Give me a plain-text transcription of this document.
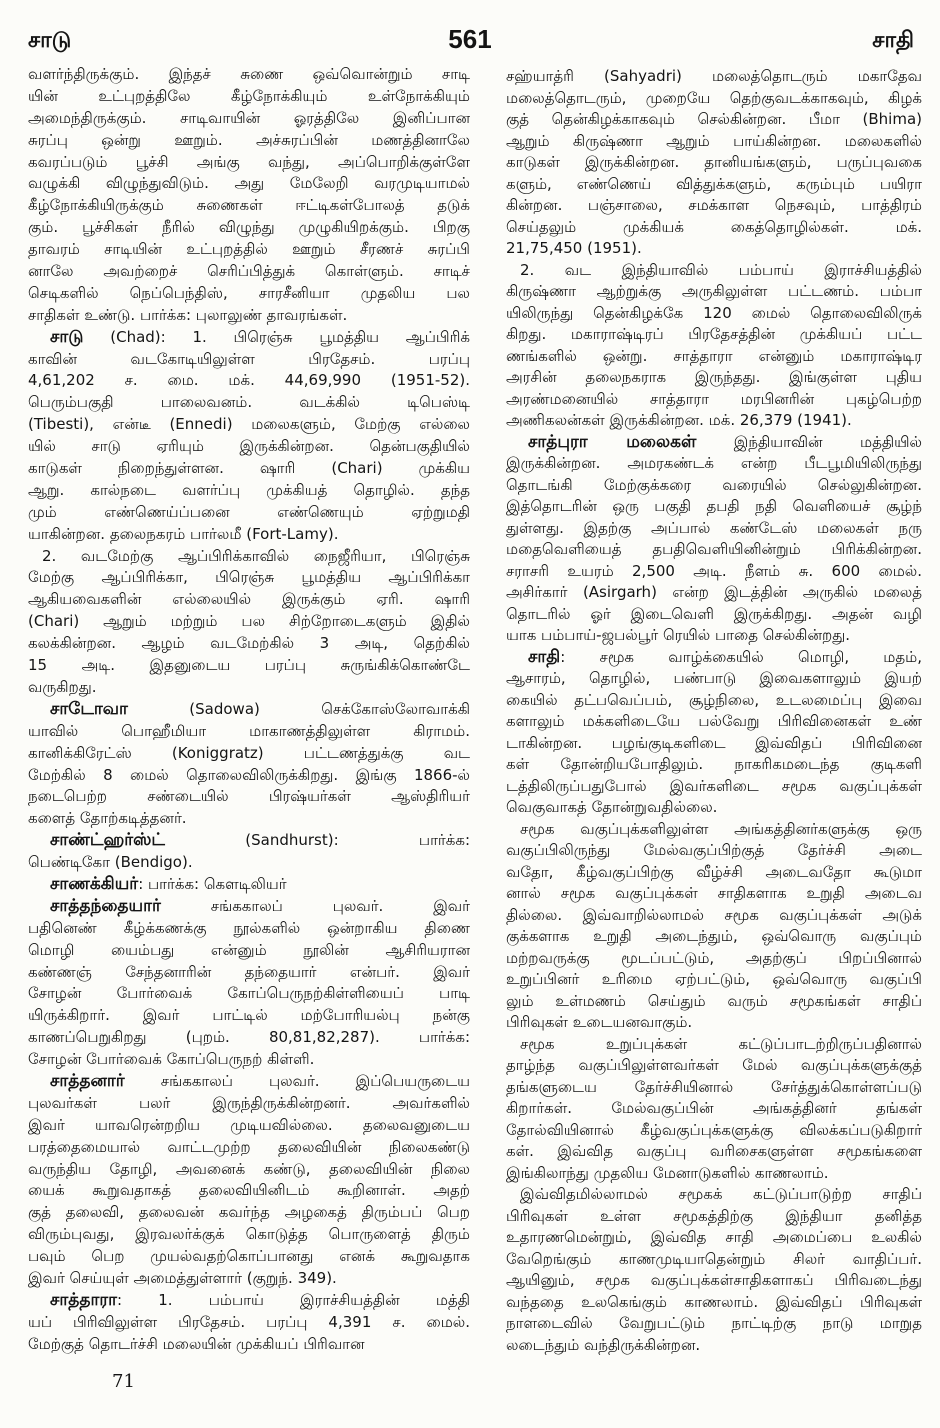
சாடு	561	சாதி
வளர்ந்திருக்கும். இந்தச் சுணை ஒவ்வொன்றும் சாடி
யின் உட்புறத்திலே கீழ்நோக்கியும் உள்நோக்கியும்
அமைந்திருக்கும். சாடிவாயின் ஓரத்திலே இனிப்பான
சுரப்பு ஒன்று ஊறும். அச்சுரப்பின் மணத்தினாலே
கவரப்படும் பூச்சி அங்கு வந்து, அப்பொறிக்குள்ளே
வழுக்கி விழுந்துவிடும். அது மேலேறி வரமுடியாமல்
கீழ்நோக்கியிருக்கும் சுணைகள் ஈட்டிகள்போலத் தடுக்
கும். பூச்சிகள் நீரில் விழுந்து முழுகியிறக்கும். பிறகு
தாவரம் சாடியின் உட்புறத்தில் ஊறும் சீரணச் சுரப்பி
னாலே அவற்றைச் செரிப்பித்துக் கொள்ளும். சாடிச்
செடிகளில் நெப்பெந்திஸ், சாரசீனியா முதலிய பல
சாதிகள் உண்டு. பார்க்க: புலாலுண் தாவரங்கள்.
சாடு (Chad): 1. பிரெஞ்சு பூமத்திய ஆப்பிரிக்
காவின் வடகோடியிலுள்ள பிரதேசம். பரப்பு
4,61,202 ச. மை. மக். 44,69,990 (1951-52).
பெரும்பகுதி பாலைவனம். வடக்கில் டிபெஸ்டி
(Tibesti), என்டீ (Ennedi) மலைகளும், மேற்கு எல்லை
யில் சாடு ஏரியும் இருக்கின்றன. தென்பகுதியில்
காடுகள் நிறைந்துள்ளன. ஷாரி (Chari) முக்கிய
ஆறு. கால்நடை வளர்ப்பு முக்கியத் தொழில். தந்த
மும் எண்ணெய்ப்பனை எண்ணெயும் ஏற்றுமதி
யாகின்றன. தலைநகரம் பார்லமீ (Fort-Lamy).
2. வடமேற்கு ஆப்பிரிக்காவில் நைஜீரியா, பிரெஞ்சு
மேற்கு ஆப்பிரிக்கா, பிரெஞ்சு பூமத்திய ஆப்பிரிக்கா
ஆகியவைகளின் எல்லையில் இருக்கும் ஏரி. ஷாரி
(Chari) ஆறும் மற்றும் பல சிற்றோடைகளும் இதில்
கலக்கின்றன. ஆழம் வடமேற்கில் 3 அடி, தெற்கில்
15 அடி. இதனுடைய பரப்பு சுருங்கிக்கொண்டே
வருகிறது.
சாடோவா (Sadowa) செக்கோஸ்லோவாக்கி
யாவில் பொஹீமியா மாகாணத்திலுள்ள கிராமம்.
கானிக்கிரேட்ஸ் (Koniggratz) பட்டணத்துக்கு வட
மேற்கில் 8 மைல் தொலைவிலிருக்கிறது. இங்கு 1866-ல்
நடைபெற்ற சண்டையில் பிரஷ்யர்கள் ஆஸ்திரியர்
களைத் தோற்கடித்தனர்.
சாண்ட்ஹர்ஸ்ட் (Sandhurst): பார்க்க:
பெண்டிகோ (Bendigo).
சாணக்கியர்: பார்க்க: கௌடிலியர்
சாத்தந்தையார் சங்ககாலப் புலவர். இவர்
பதினெண் கீழ்க்கணக்கு நூல்களில் ஒன்றாகிய திணை
மொழி யைம்பது என்னும் நூலின் ஆசிரியரான
கண்ணஞ் சேந்தனாரின் தந்தையார் என்பர். இவர்
சோழன் போர்வைக் கோப்பெருநற்கிள்ளியைப் பாடி
யிருக்கிறார். இவர் பாட்டில் மற்போரியல்பு நன்கு
காணப்பெறுகிறது (புறம். 80,81,82,287). பார்க்க:
சோழன் போர்வைக் கோப்பெருநற் கிள்ளி.
சாத்தனார் சங்ககாலப் புலவர். இப்பெயருடைய
புலவர்கள் பலர் இருந்திருக்கின்றனர். அவர்களில்
இவர் யாவரென்றறிய முடியவில்லை. தலைவனுடைய
பரத்தைமையால் வாட்டமுற்ற தலைவியின் நிலைகண்டு
வருந்திய தோழி, அவனைக் கண்டு, தலைவியின் நிலை
யைக் கூறுவதாகத் தலைவியினிடம் கூறினாள். அதற்
குத் தலைவி, தலைவன் கவர்ந்த அழகைத் திரும்பப் பெற
விரும்புவது, இரவலர்க்குக் கொடுத்த பொருளைத் திரும்
பவும் பெற முயல்வதற்கொப்பானது எனக் கூறுவதாக
இவர் செய்யுள் அமைத்துள்ளார் (குறுந். 349).
சாத்தாரா: 1. பம்பாய் இராச்சியத்தின் மத்தி
யப் பிரிவிலுள்ள பிரதேசம். பரப்பு 4,391 ச. மைல்.
மேற்குத் தொடர்ச்சி மலையின் முக்கியப் பிரிவான
சஹ்யாத்ரி (Sahyadri) மலைத்தொடரும் மகாதேவ
மலைத்தொடரும், முறையே தெற்குவடக்காகவும், கிழக்
குத் தென்கிழக்காகவும் செல்கின்றன. பீமா (Bhima)
ஆறும் கிருஷ்ணா ஆறும் பாய்கின்றன. மலைகளில்
காடுகள் இருக்கின்றன. தானியங்களும், பருப்புவகை
களும், எண்ணெய் வித்துக்களும், கரும்பும் பயிரா
கின்றன. பஞ்சாலை, சமக்காள நெசவும், பாத்திரம்
செய்தலும் முக்கியக் கைத்தொழில்கள். மக்.
21,75,450 (1951).
2. வட இந்தியாவில் பம்பாய் இராச்சியத்தில்
கிருஷ்ணா ஆற்றுக்கு அருகிலுள்ள பட்டணம். பம்பா
யிலிருந்து தென்கிழக்கே 120 மைல் தொலைவிலிருக்
கிறது. மகாராஷ்டிரப் பிரதேசத்தின் முக்கியப் பட்ட
ணங்களில் ஒன்று. சாத்தாரா என்னும் மகாராஷ்டிர
அரசின் தலைநகராக இருந்தது. இங்குள்ள புதிய
அரண்மனையில் சாத்தாரா மரபினரின் புகழ்பெற்ற
அணிகலன்கள் இருக்கின்றன. மக். 26,379 (1941).
சாத்புரா மலைகள் இந்தியாவின் மத்தியில்
இருக்கின்றன. அமரகண்டக் என்ற பீடபூமியிலிருந்து
தொடங்கி மேற்குக்கரை வரையில் செல்லுகின்றன.
இத்தொடரின் ஒரு பகுதி தபதி நதி வெளியைச் சூழ்ந்
துள்ளது. இதற்கு அப்பால் கண்டேஸ் மலைகள் நரு
மதைவெளியைத் தபதிவெளியினின்றும் பிரிக்கின்றன.
சராசரி உயரம் 2,500 அடி. நீளம் சு. 600 மைல்.
அசிர்கார் (Asirgarh) என்ற இடத்தின் அருகில் மலைத்
தொடரில் ஓர் இடைவெளி இருக்கிறது. அதன் வழி
யாக பம்பாய்-ஜபல்பூர் ரெயில் பாதை செல்கின்றது.
சாதி: சமூக வாழ்க்கையில் மொழி, மதம்,
ஆசாரம், தொழில், பண்பாடு இவைகளாலும் இயற்
கையில் தட்பவெப்பம், சூழ்நிலை, உடலமைப்பு இவை
களாலும் மக்களிடையே பல்வேறு பிரிவினைகள் உண்
டாகின்றன. பழங்குடிகளிடை இவ்விதப் பிரிவினை
கள் தோன்றியபோதிலும். நாகரிகமடைந்த குடிகளி
டத்திலிருப்பதுபோல் இவர்களிடை சமூக வகுப்புக்கள்
வெகுவாகத் தோன்றுவதில்லை.
சமூக வகுப்புக்களிலுள்ள அங்கத்தினர்களுக்கு ஒரு
வகுப்பிலிருந்து மேல்வகுப்பிற்குத் தேர்ச்சி அடை
வதோ, கீழ்வகுப்பிற்கு வீழ்ச்சி அடைவதோ கூடுமா
னால் சமூக வகுப்புக்கள் சாதிகளாக உறுதி அடைவ
தில்லை. இவ்வாறில்லாமல் சமூக வகுப்புக்கள் அடுக்
குக்களாக உறுதி அடைந்தும், ஒவ்வொரு வகுப்பும்
மற்றவருக்கு மூடப்பட்டும், அதற்குப் பிறப்பினால்
உறுப்பினர் உரிமை ஏற்பட்டும், ஒவ்வொரு வகுப்பி
லும் உள்மணம் செய்தும் வரும் சமூகங்கள் சாதிப்
பிரிவுகள் உடையனவாகும்.
சமூக உறுப்புக்கள் கட்டுப்பாடற்றிருப்பதினால்
தாழ்ந்த வகுப்பிலுள்ளவர்கள் மேல் வகுப்புக்களுக்குத்
தங்களுடைய தேர்ச்சியினால் சேர்த்துக்கொள்ளப்படு
கிறார்கள். மேல்வகுப்பின் அங்கத்தினர் தங்கள்
தோல்வியினால் கீழ்வகுப்புக்களுக்கு விலக்கப்படுகிறார்
கள். இவ்வித வகுப்பு வரிசைகளுள்ள சமூகங்களை
இங்கிலாந்து முதலிய மேனாடுகளில் காணலாம்.
இவ்விதமில்லாமல் சமூகக் கட்டுப்பாடுற்ற சாதிப்
பிரிவுகள் உள்ள சமூகத்திற்கு இந்தியா தனித்த
உதாரணமென்றும், இவ்வித சாதி அமைப்பை உலகில்
வேறெங்கும் காணமுடியாதென்றும் சிலர் வாதிப்பர்.
ஆயினும், சமூக வகுப்புக்கள்சாதிகளாகப் பிரிவடைந்து
வந்ததை உலகெங்கும் காணலாம். இவ்விதப் பிரிவுகள்
நாளடைவில் வேறுபட்டும் நாட்டிற்கு நாடு மாறுத
லடைந்தும் வந்திருக்கின்றன.
71
